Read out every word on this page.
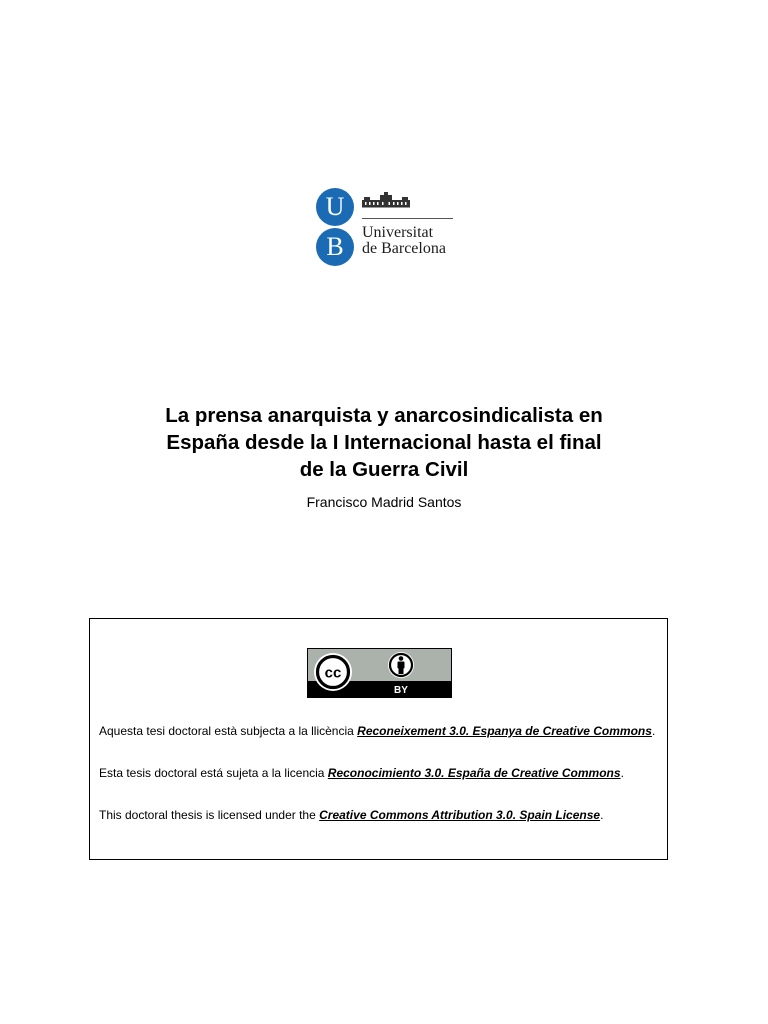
U
B	Universitat
de Barcelona
La prensa anarquista y anarcosindicalista en
España desde la I Internacional hasta el final
de la Guerra Civil
Francisco Madrid Santos
cc
BY
Aquesta tesi doctoral està subjecta a la llicència Reconeixement 3.0. Espanya de Creative Commons.
Esta tesis doctoral está sujeta a la licencia Reconocimiento 3.0. España de Creative Commons.
This doctoral thesis is licensed under the Creative Commons Attribution 3.0. Spain License.
